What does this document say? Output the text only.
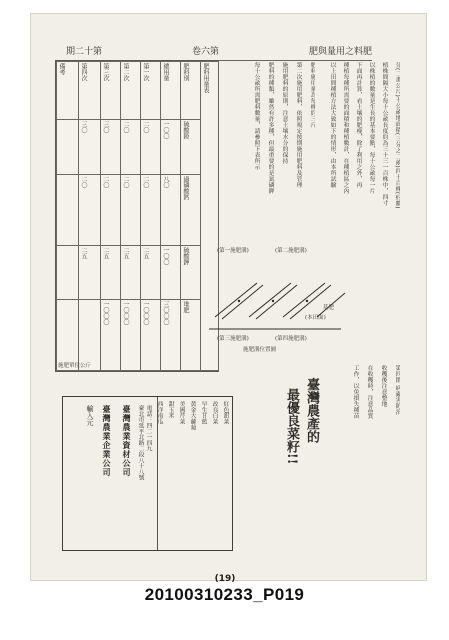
期二十第	卷六第	肥與量用之料肥
分(二畫公尺)十公畝地面積(三分之二畝)四十百株(約數)
植株間隔大小每十公畝長度約為三十三一百株中，四寸
以株植的數量是生長的基本要點，每十公畝每一片
下面再計算，看土壤的肥瘦，除了利用之外，再
種植每種所需要的面積和種植數計，在種植區之內
以上田間種植方法大致如下的情形，由本所試驗
肥料施用量為每株約三斤
第二次施用肥料，依照規定按期施用肥料及管理
施用肥料的原則，注意土壤水分的保持
肥料的種類，雖然有許多種，但最重要的是氮磷鉀
每十公畝所需肥料數量，請參照下表所示
備考	第四次	第三次	第二次	第一次	總用量	肥料別	肥料用量表

	三〇	三〇	二〇	二〇	一〇〇	硫酸錏	

	二〇	二〇	二〇	二〇	八〇	過磷酸鈣	

	二五	二五	二五	二五	一〇〇	硫酸鉀	

		一〇〇〇	一〇〇〇	一〇〇〇	三〇〇〇	堆肥	
施肥單位公斤
(第一施肥溝)	(第二施肥溝)
(第三施肥溝)	(第四施肥溝)
基肥
(本田面)
施肥溝位置圖
第四節 病蟲害防治
收穫後注意整地
在收穫時，注意品質
工作，以免損失種苗
臺灣農產的
最優良菜籽!!
輸入元 臺灣農業企業公司 臺灣農業資材公司 臺北市延平北路二段八十八號 電話：四二一四九	紅色甜菜
改良白菜
早生甘藍
黃金大蘿蔔
美國芹菜
甜玉米
西洋南瓜
(19)
20100310233_P019
